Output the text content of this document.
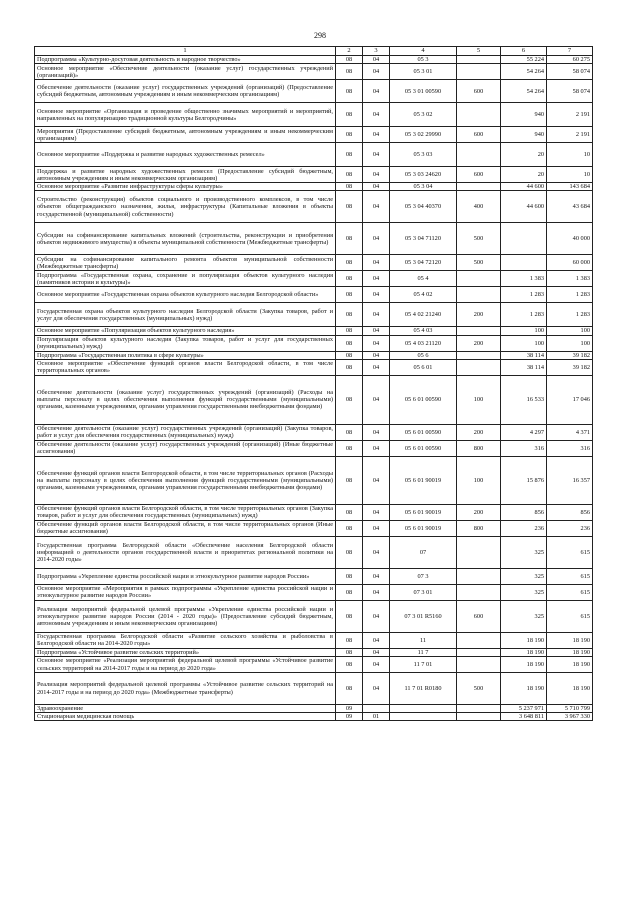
298
1	2	3	4	5	6	7
Подпрограмма «Культурно-досуговая деятельность и народное творчество»	08	04	05 3		55 224	60 275
Основное мероприятие «Обеспечение деятельности (оказание услуг) государственных учреждений (организаций)»	08	04	05 3 01		54 264	58 074
Обеспечение деятельности (оказание услуг) государственных учреждений (организаций) (Предоставление субсидий бюджетным, автономным учреждениям и иным некоммерческим организациям)	08	04	05 3 01 00590	600	54 264	58 074
Основное мероприятие «Организация и проведение общественно значимых мероприятий и мероприятий, направленных на популяризацию традиционной культуры Белгородчины»	08	04	05 3 02		940	2 191
Мероприятия (Предоставление субсидий бюджетным, автономным учреждениям и иным некоммерческим организациям)	08	04	05 3 02 29990	600	940	2 191
Основное мероприятие «Поддержка и развитие народных художественных ремесел»	08	04	05 3 03		20	10
Поддержка и развитие народных художественных ремесел (Предоставление субсидий бюджетным, автономным учреждениям и иным некоммерческим организациям)	08	04	05 3 03 24620	600	20	10
Основное мероприятие «Развитие инфраструктуры сферы культуры»	08	04	05 3 04		44 600	143 684
Строительство (реконструкция) объектов социального и производственного комплексов, в том числе объектов общегражданского назначения, жилья, инфраструктуры (Капитальные вложения в объекты государственной (муниципальной) собственности)	08	04	05 3 04 40370	400	44 600	43 684
Субсидии на софинансирование капитальных вложений (строительства, реконструкции и приобретения объектов недвижимого имущества) в объекты муниципальной собственности (Межбюджетные трансферты)	08	04	05 3 04 71120	500		40 000
Субсидии на софинансирование капитального ремонта объектов муниципальной собственности (Межбюджетные трансферты)	08	04	05 3 04 72120	500		60 000
Подпрограмма «Государственная охрана, сохранение и популяризация объектов культурного наследия (памятников истории и культуры)»	08	04	05 4		1 383	1 383
Основное мероприятие «Государственная охрана объектов культурного наследия Белгородской области»	08	04	05 4 02		1 283	1 283
Государственная охрана объектов культурного наследия Белгородской области (Закупка товаров, работ и услуг для обеспечения государственных (муниципальных) нужд)	08	04	05 4 02 21240	200	1 283	1 283
Основное мероприятие «Популяризация объектов культурного наследия»	08	04	05 4 03		100	100
Популяризация объектов культурного наследия (Закупка товаров, работ и услуг для государственных (муниципальных) нужд)	08	04	05 4 03 21120	200	100	100
Подпрограмма «Государственная политика в сфере культуры»	08	04	05 6		38 114	39 182
Основное мероприятие «Обеспечение функций органов власти Белгородской области, в том числе территориальных органов»	08	04	05 6 01		38 114	39 182
Обеспечение деятельности (оказание услуг) государственных учреждений (организаций) (Расходы на выплаты персоналу в целях обеспечения выполнения функций государственными (муниципальными) органами, казенными учреждениями, органами управления государственными внебюджетными фондами)	08	04	05 6 01 00590	100	16 533	17 046
Обеспечение деятельности (оказание услуг) государственных учреждений (организаций) (Закупка товаров, работ и услуг для обеспечения государственных (муниципальных) нужд)	08	04	05 6 01 00590	200	4 297	4 371
Обеспечение деятельности (оказание услуг) государственных учреждений (организаций) (Иные бюджетные ассигнования)	08	04	05 6 01 00590	800	316	316
Обеспечение функций органов власти Белгородской области, в том числе территориальных органов (Расходы на выплаты персоналу в целях обеспечения выполнения функций государственными (муниципальными) органами, казенными учреждениями, органами управления государственными внебюджетными фондами)	08	04	05 6 01 90019	100	15 876	16 357
Обеспечение функций органов власти Белгородской области, в том числе территориальных органов (Закупка товаров, работ и услуг для обеспечения государственных (муниципальных) нужд)	08	04	05 6 01 90019	200	856	856
Обеспечение функций органов власти Белгородской области, в том числе территориальных органов (Иные бюджетные ассигнования)	08	04	05 6 01 90019	800	236	236
Государственная программа Белгородской области «Обеспечение населения Белгородской области информацией о деятельности органов государственной власти и приоритетах региональной политики на 2014-2020 годы»	08	04	07		325	615
Подпрограмма «Укрепление единства российской нации и этнокультурное развитие народов России»	08	04	07 3		325	615
Основное мероприятие «Мероприятия в рамках подпрограммы «Укрепление единства российской нации и этнокультурное развитие народов России»	08	04	07 3 01		325	615
Реализация мероприятий федеральной целевой программы «Укрепление единства российской нации и этнокультурное развитие народов России (2014 - 2020 годы)» (Предоставление субсидий бюджетным, автономным учреждениям и иным некоммерческим организациям)	08	04	07 3 01 R5160	600	325	615
Государственная программа Белгородской области «Развитие сельского хозяйства и рыболовства в Белгородской области на 2014-2020 годы»	08	04	11		18 190	18 190
Подпрограмма «Устойчивое развитие сельских территорий»	08	04	11 7		18 190	18 190
Основное мероприятие «Реализация мероприятий федеральной целевой программы «Устойчивое развитие сельских территорий на 2014-2017 годы и на период до 2020 года»	08	04	11 7 01		18 190	18 190
Реализация мероприятий федеральной целевой программы «Устойчивое развитие сельских территорий на 2014-2017 годы и на период до 2020 года» (Межбюджетные трансферты)	08	04	11 7 01 R0180	500	18 190	18 190
Здравоохранение	09				5 237 971	5 710 799
Стационарная медицинская помощь	09	01			3 648 811	3 967 330
